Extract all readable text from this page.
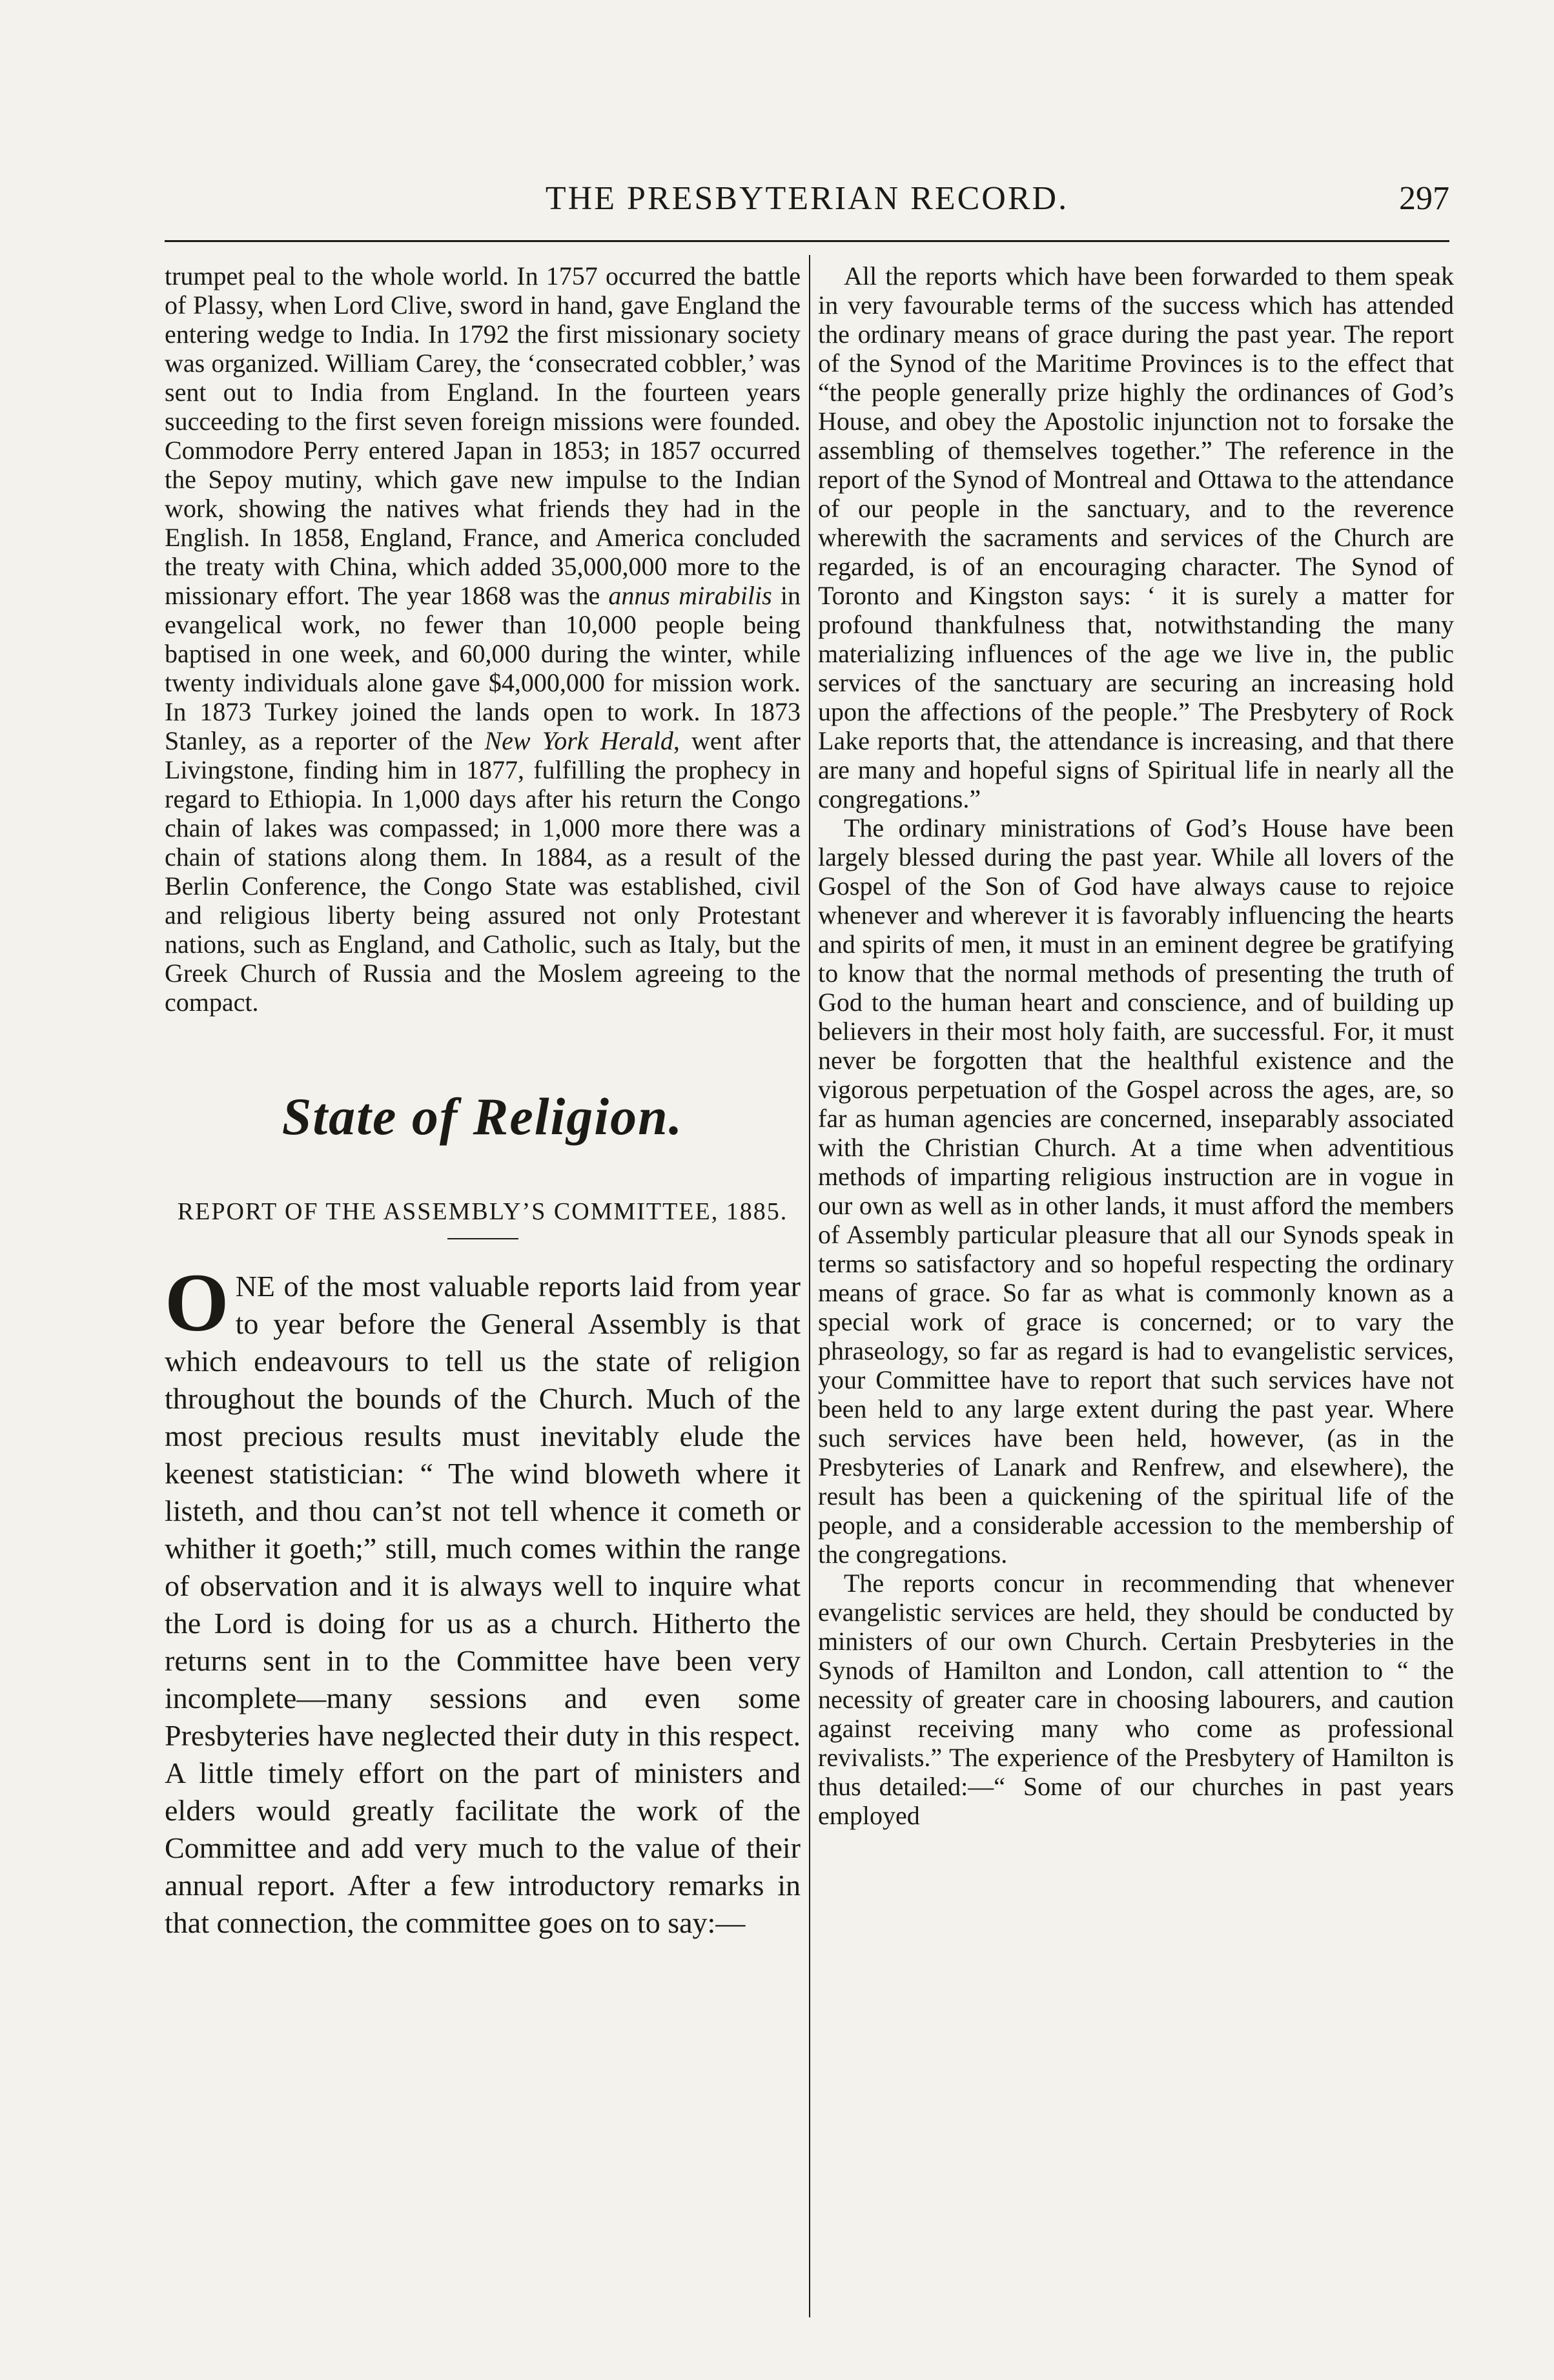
THE PRESBYTERIAN RECORD.	297

trumpet peal to the whole world. In 1757 occurred the battle of Plassy, when Lord Clive, sword in hand, gave England the entering wedge to India. In 1792 the first missionary society was organized. William Carey, the ‘consecrated cobbler,’ was sent out to India from England. In the fourteen years succeeding to the first seven foreign missions were founded. Commodore Perry entered Japan in 1853; in 1857 occurred the Sepoy mutiny, which gave new impulse to the Indian work, showing the natives what friends they had in the English. In 1858, England, France, and America concluded the treaty with China, which added 35,000,000 more to the missionary effort. The year 1868 was the annus mirabilis in evangelical work, no fewer than 10,000 people being baptised in one week, and 60,000 during the winter, while twenty individuals alone gave $4,000,000 for mission work. In 1873 Turkey joined the lands open to work. In 1873 Stanley, as a reporter of the New York Herald, went after Livingstone, finding him in 1877, fulfilling the prophecy in regard to Ethiopia. In 1,000 days after his return the Congo chain of lakes was compassed; in 1,000 more there was a chain of stations along them. In 1884, as a result of the Berlin Conference, the Congo State was established, civil and religious liberty being assured not only Protestant nations, such as England, and Catholic, such as Italy, but the Greek Church of Russia and the Moslem agreeing to the compact.

State of Religion.
REPORT OF THE ASSEMBLY’S COMMITTEE, 1885.

ONE of the most valuable reports laid from year to year before the General Assembly is that which endeavours to tell us the state of religion throughout the bounds of the Church. Much of the most precious results must inevitably elude the keenest statistician: “ The wind bloweth where it listeth, and thou can’st not tell whence it cometh or whither it goeth;” still, much comes within the range of observation and it is always well to inquire what the Lord is doing for us as a church. Hitherto the returns sent in to the Committee have been very incomplete—many sessions and even some Presbyteries have neglected their duty in this respect. A little timely effort on the part of ministers and elders would greatly facilitate the work of the Committee and add very much to the value of their annual report. After a few introductory remarks in that connection, the committee goes on to say:—

All the reports which have been forwarded to them speak in very favourable terms of the success which has attended the ordinary means of grace during the past year. The report of the Synod of the Maritime Provinces is to the effect that “the people generally prize highly the ordinances of God’s House, and obey the Apostolic injunction not to forsake the assembling of themselves together.” The reference in the report of the Synod of Montreal and Ottawa to the attendance of our people in the sanctuary, and to the reverence wherewith the sacraments and services of the Church are regarded, is of an encouraging character. The Synod of Toronto and Kingston says: ‘ it is surely a matter for profound thankfulness that, notwithstanding the many materializing influences of the age we live in, the public services of the sanctuary are securing an increasing hold upon the affections of the people.” The Presbytery of Rock Lake reports that, the attendance is increasing, and that there are many and hopeful signs of Spiritual life in nearly all the congregations.”

The ordinary ministrations of God’s House have been largely blessed during the past year. While all lovers of the Gospel of the Son of God have always cause to rejoice whenever and wherever it is favorably influencing the hearts and spirits of men, it must in an eminent degree be gratifying to know that the normal methods of presenting the truth of God to the human heart and conscience, and of building up believers in their most holy faith, are successful. For, it must never be forgotten that the healthful existence and the vigorous perpetuation of the Gospel across the ages, are, so far as human agencies are concerned, inseparably associated with the Christian Church. At a time when adventitious methods of imparting religious instruction are in vogue in our own as well as in other lands, it must afford the members of Assembly particular pleasure that all our Synods speak in terms so satisfactory and so hopeful respecting the ordinary means of grace. So far as what is commonly known as a special work of grace is concerned; or to vary the phraseology, so far as regard is had to evangelistic services, your Committee have to report that such services have not been held to any large extent during the past year. Where such services have been held, however, (as in the Presbyteries of Lanark and Renfrew, and elsewhere), the result has been a quickening of the spiritual life of the people, and a considerable accession to the membership of the congregations.

The reports concur in recommending that whenever evangelistic services are held, they should be conducted by ministers of our own Church. Certain Presbyteries in the Synods of Hamilton and London, call attention to “ the necessity of greater care in choosing labourers, and caution against receiving many who come as professional revivalists.” The experience of the Presbytery of Hamilton is thus detailed:—“ Some of our churches in past years employed
